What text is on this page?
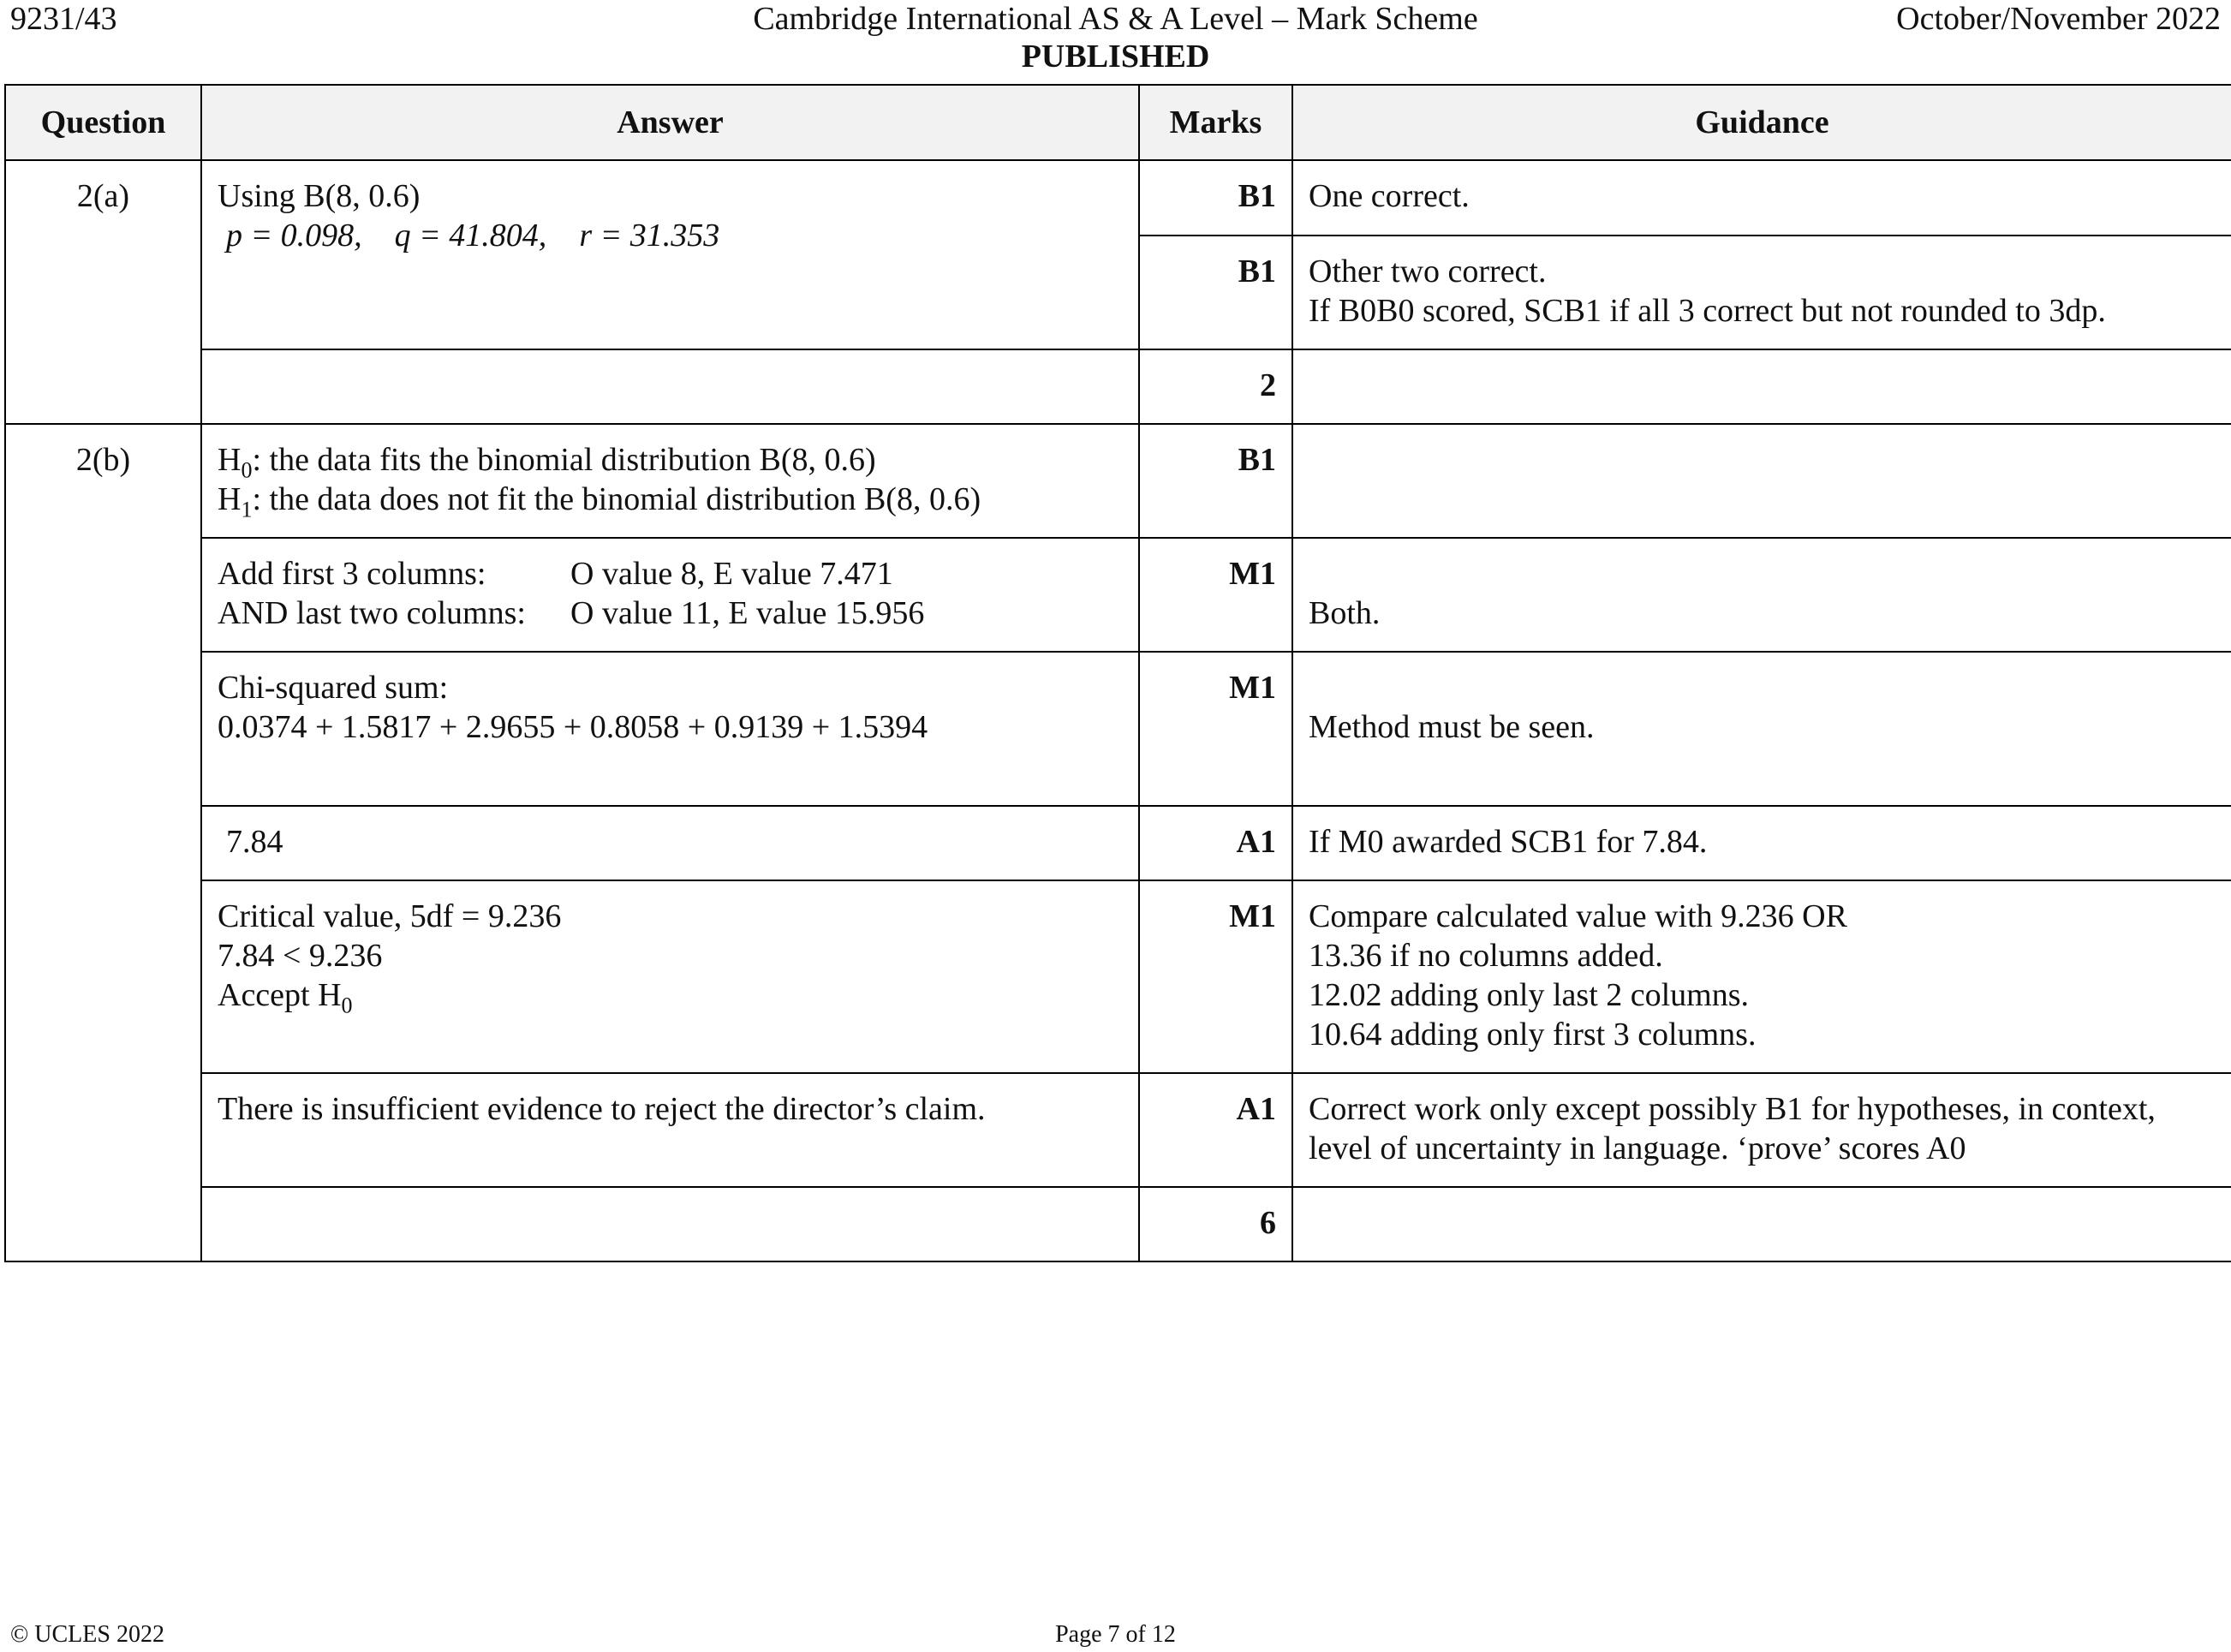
9231/43	Cambridge International AS & A Level – Mark Scheme	October/November 2022
PUBLISHED
Question	Answer	Marks	Guidance
2(a)	Using B(8, 0.6)
p = 0.098, q = 41.804, r = 31.353	B1	One correct.
		B1	Other two correct.
If B0B0 scored, SCB1 if all 3 correct but not rounded to 3dp.

		2	
2(b)	$H_0$: the data fits the binomial distribution B(8, 0.6)
$H_1$: the data does not fit the binomial distribution B(8, 0.6)	B1	

	Add first 3 columns: O value 8, E value 7.471
AND last two columns: O value 11, E value 15.956	M1	Both.

	Chi-squared sum:
0.0374 + 1.5817 + 2.9655 + 0.8058 + 0.9139 + 1.5394	M1	Method must be seen.

	7.84	A1	If M0 awarded SCB1 for 7.84.

	Critical value, 5df = 9.236
7.84 < 9.236
Accept $H_0$	M1	Compare calculated value with 9.236 OR
13.36 if no columns added.
12.02 adding only last 2 columns.
10.64 adding only first 3 columns.

	There is insufficient evidence to reject the director’s claim.	A1	Correct work only except possibly B1 for hypotheses, in context,
level of uncertainty in language. ‘prove’ scores A0

		6	
© UCLES 2022	Page 7 of 12
